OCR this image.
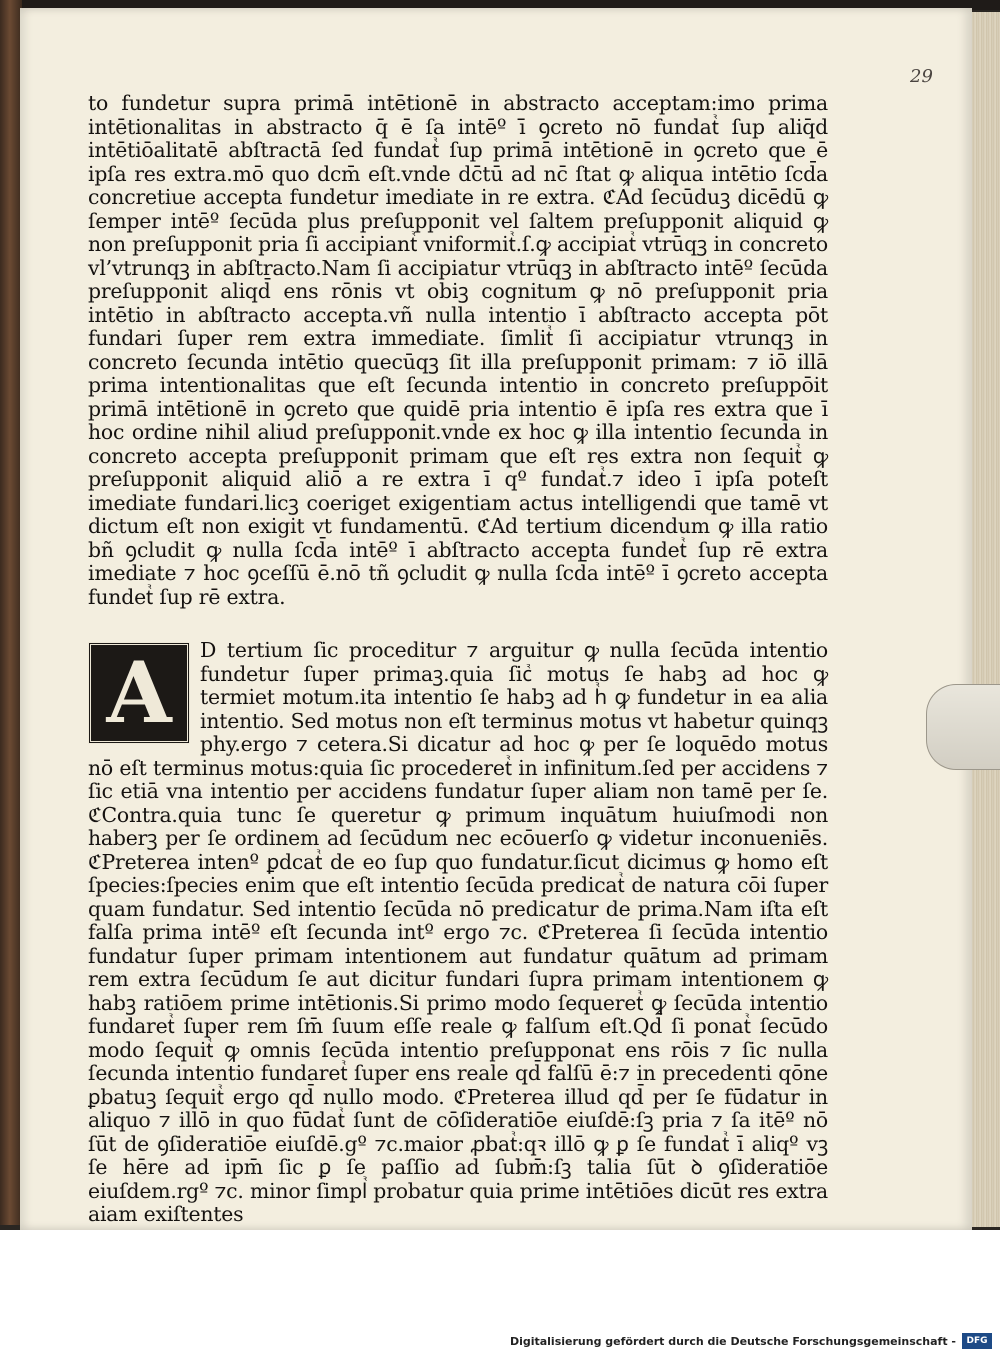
29
to fundetur supra primā intētionē in abstracto acceptam:imo prima intētionalitas in abstracto q̄ ē ſa intēº ī̄ ꝯcreto nō fundatᷣ ſup aliq̄d intētiōalitatē abſtractā ſed fundatᷣ ſup primā intētionē in ꝯcreto que ē ipſa res extra.mō quo dcm̄ eſt.vnde dc̄tū ad nc̄ ſtat ꝙ aliqua intētio ſcd̄a concretiue accepta fundetur imediate in re extra. ℭAd ſecūduꝫ dicēdū ꝙ ſemper intēº ſecūda plus preſupponit vel ſaltem preſupponit aliquid ꝙ non preſupponit pria ſi accipiantᷣ vniformitᷣ.ſ.ꝙ accipiatᷣ vtrūqꝫ in concreto vl’vtrunqꝫ in abſtracto.Nam ſi accipiatur vtrūqꝫ in abſtracto intēº ſecūda preſupponit aliqd̄ ens rōnis vt obiꝫ cognitum ꝙ nō preſupponit pria intētio in abſtracto accepta.vñ nulla intentio ī abſtracto accepta pōt fundari ſuper rem extra immediate. ſimlitᷣ ſi accipiatur vtrunqꝫ in concreto ſecunda intētio quecūqꝫ ſit illa preſupponit primam: ⁊ iō illā prima intentionalitas que eſt ſecunda intentio in concreto preſuppōit primā intētionē in ꝯcreto que quidē pria intentio ē ipſa res extra que ī hoc ordine nihil aliud preſupponit.vnde ex hoc ꝙ illa intentio ſecunda in concreto accepta preſupponit primam que eſt res extra non ſequitᷣ ꝙ preſupponit aliquid aliō a re extra ī qº fundatᷣ.⁊ ideo ī ipſa poteſt imediate fundari.licꝫ coeriget exigentiam actus intelligendi que tamē vt dictum eſt non exigit vt fundamentū. ℭAd tertium dicendum ꝙ illa ratio bñ ꝯcludit ꝙ nulla ſcd̄a intēº ī abſtracto accepta fundetᷣ ſup rē extra imediate ⁊ hoc ꝯceſſū ē.nō tñ ꝯcludit ꝙ nulla ſcd̄a intēº ī ꝯcreto accepta fundetᷣ ſup rē extra.
A	D tertium ſic proceditur ⁊ arguitur ꝙ nulla ſecūda intentio fundetur ſuper primaꝫ.quia ſicᷣ motus ſe habꝫ ad hoc ꝙ termiet motum.ita intentio ſe habꝫ ad hᷣ ꝙ fundetur in ea alia intentio. Sed motus non eſt terminus motus vt habetur quinqꝫ phy.ergo ⁊ cetera.Si dicatur ad hoc ꝙ per ſe loquēdo motus nō eſt terminus motus:quia ſic procederetᷣ in infinitum.ſed per accidens ⁊ ſic etiā vna intentio per accidens fundatur ſuper aliam non tamē per ſe. ℭContra.quia tunc ſe queretur ꝙ primum inquātum huiuſmodi non haberꝫ per ſe ordinem ad ſecūdum nec ecōuerſo ꝙ videtur inconueniēs. ℭPreterea intenº ꝑdcatᷣ de eo ſup quo fundatur.ſicut dicimus ꝙ homo eſt ſpecies:ſpecies enim que eſt intentio ſecūda predicatᷣ de natura cōi ſuper quam fundatur. Sed intentio ſecūda nō predicatur de prima.Nam iſta eſt falſa prima intēº eſt ſecunda intº ergo ⁊c. ℭPreterea ſi ſecūda intentio fundatur ſuper primam intentionem aut fundatur quātum ad primam rem extra ſecūdum ſe aut dicitur fundari ſupra primam intentionem ꝙ habꝫ ratiōem prime intētionis.Si primo modo ſequeretᷣ ꝙ ſecūda intentio fundaretᷣ ſuper rem ſm̄ ſuum eſſe reale ꝙ falſum eſt.Qd̄ ſi ponatᷣ ſecūdo modo ſequitᷣ ꝙ omnis ſecūda intentio preſupponat ens rōis ⁊ ſic nulla ſecunda intentio fundaretᷣ ſuper ens reale qd̄ falſū ē:⁊ in precedenti qōne ꝑbatuꝫ ſequitᷣ ergo qd̄ nullo modo. ℭPreterea illud qd̄ per ſe fūdatur in aliquo ⁊ illō in quo fūdatᷣ ſunt de cōſideratiōe eiuſdē:ſꝫ pria ⁊ ſa itēº nō ſūt de ꝯſideratiōe eiuſdē.gº ⁊c.maior ꝓbatᷣ:qꝛ illō ꝙ ꝑ ſe fundatᷣ ī aliqº vꝫ ſe hēre ad ipm̄ ſic ꝑ ſe paſſio ad ſubm̄:ſꝫ talia ſūt ꝺ ꝯſideratiōe eiuſdem.rgº ⁊c. minor ſimplᷣ probatur quia prime intētiōes dicūt res extra aiam exiſtentes

Digitalisierung gefördert durch die Deutsche Forschungsgemeinschaft -	DFG
